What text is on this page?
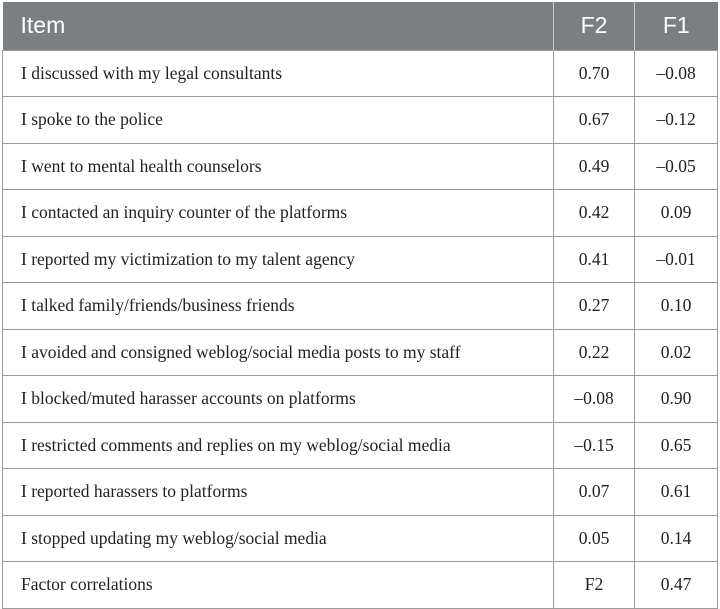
Item	F2	F1
I discussed with my legal consultants	0.70	–0.08
I spoke to the police	0.67	–0.12
I went to mental health counselors	0.49	–0.05
I contacted an inquiry counter of the platforms	0.42	0.09
I reported my victimization to my talent agency	0.41	–0.01
I talked family/friends/business friends	0.27	0.10
I avoided and consigned weblog/social media posts to my staff	0.22	0.02
I blocked/muted harasser accounts on platforms	–0.08	0.90
I restricted comments and replies on my weblog/social media	–0.15	0.65
I reported harassers to platforms	0.07	0.61
I stopped updating my weblog/social media	0.05	0.14
Factor correlations	F2	0.47
